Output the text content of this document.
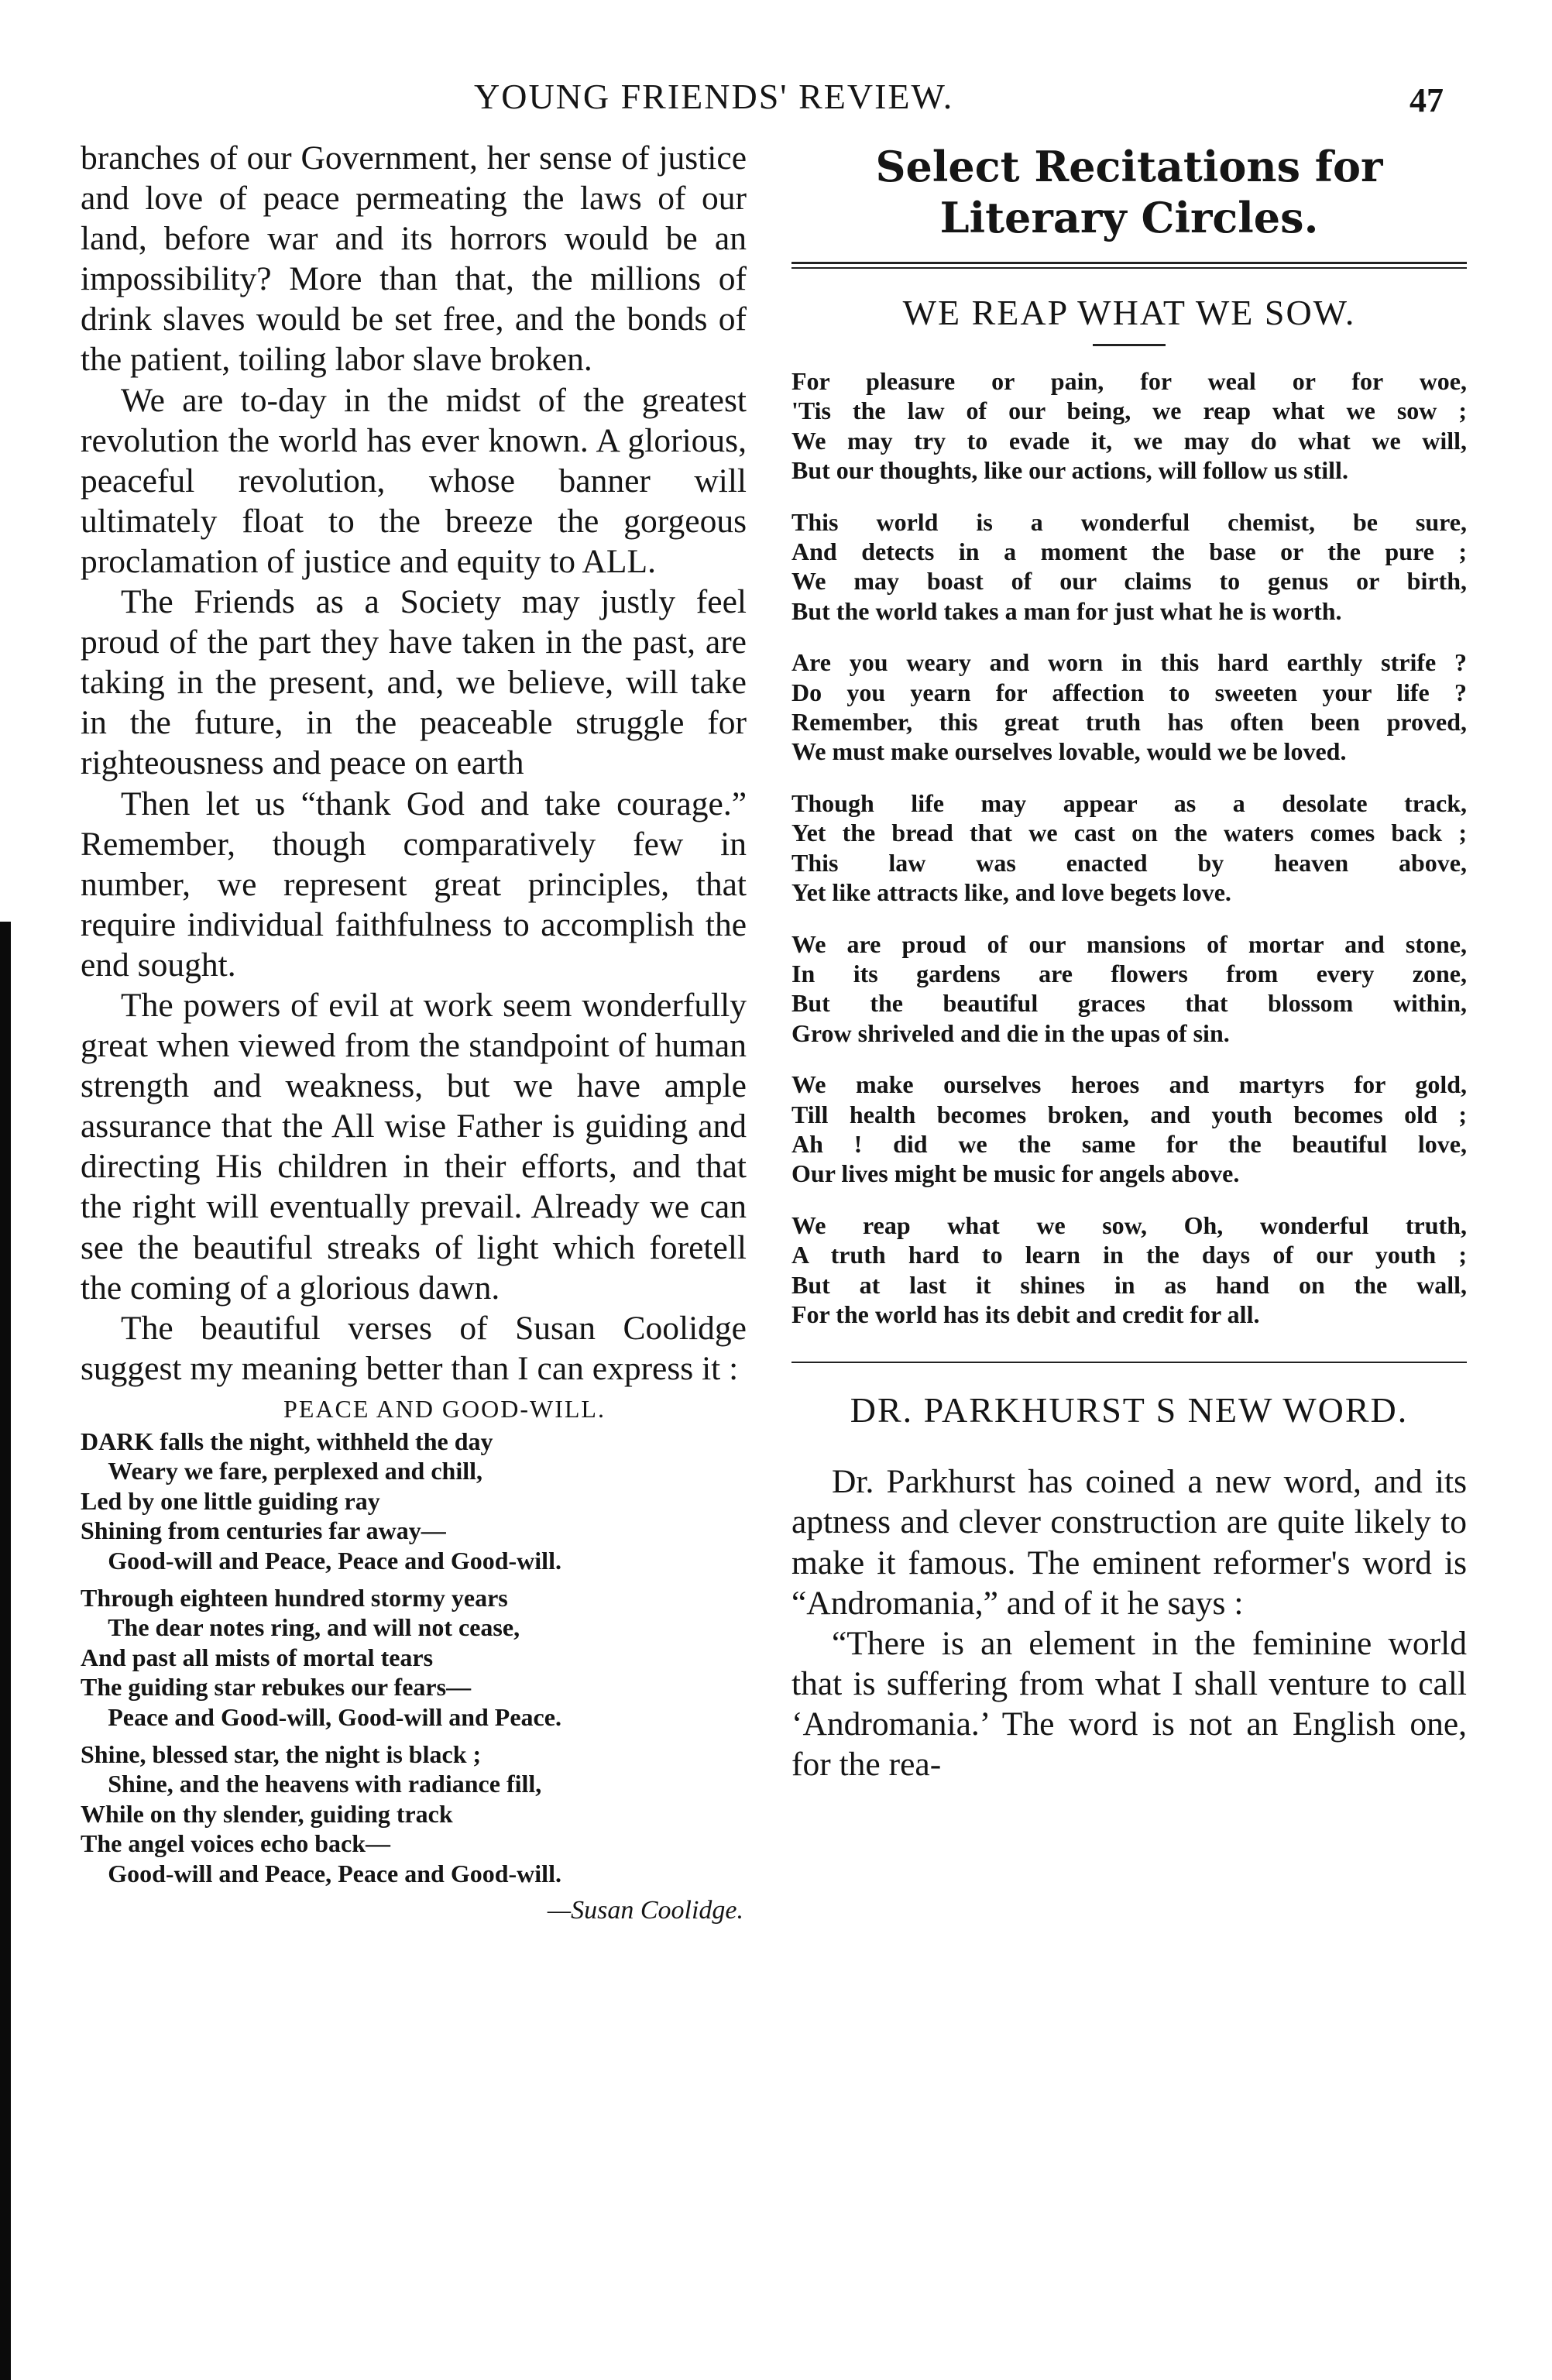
YOUNG FRIENDS' REVIEW.	47

branches of our Government, her sense of justice and love of peace permeating the laws of our land, before war and its horrors would be an impossibility? More than that, the millions of drink slaves would be set free, and the bonds of the patient, toiling labor slave broken.

We are to-day in the midst of the greatest revolution the world has ever known. A glorious, peaceful revolution, whose banner will ultimately float to the breeze the gorgeous proclamation of justice and equity to ALL.

The Friends as a Society may justly feel proud of the part they have taken in the past, are taking in the present, and, we believe, will take in the future, in the peaceable struggle for righteousness and peace on earth

Then let us “thank God and take courage.” Remember, though comparatively few in number, we represent great principles, that require individual faithfulness to accomplish the end sought.

The powers of evil at work seem wonderfully great when viewed from the standpoint of human strength and weakness, but we have ample assurance that the All wise Father is guiding and directing His children in their efforts, and that the right will eventually prevail. Already we can see the beautiful streaks of light which foretell the coming of a glorious dawn.

The beautiful verses of Susan Coolidge suggest my meaning better than I can express it :

PEACE AND GOOD-WILL.
DARK falls the night, withheld the day
Weary we fare, perplexed and chill,
Led by one little guiding ray
Shining from centuries far away—
Good-will and Peace, Peace and Good-will.
Through eighteen hundred stormy years
The dear notes ring, and will not cease,
And past all mists of mortal tears
The guiding star rebukes our fears—
Peace and Good-will, Good-will and Peace.
Shine, blessed star, the night is black ;
Shine, and the heavens with radiance fill,
While on thy slender, guiding track
The angel voices echo back—
Good-will and Peace, Peace and Good-will.
—Susan Coolidge.
Select Recitations for Literary Circles.
WE REAP WHAT WE SOW.
For pleasure or pain, for weal or for woe,
'Tis the law of our being, we reap what we sow ;
We may try to evade it, we may do what we will,
But our thoughts, like our actions, will follow us still.
This world is a wonderful chemist, be sure,
And detects in a moment the base or the pure ;
We may boast of our claims to genus or birth,
But the world takes a man for just what he is worth.
Are you weary and worn in this hard earthly strife ?
Do you yearn for affection to sweeten your life ?
Remember, this great truth has often been proved,
We must make ourselves lovable, would we be loved.
Though life may appear as a desolate track,
Yet the bread that we cast on the waters comes back ;
This law was enacted by heaven above,
Yet like attracts like, and love begets love.
We are proud of our mansions of mortar and stone,
In its gardens are flowers from every zone,
But the beautiful graces that blossom within,
Grow shriveled and die in the upas of sin.
We make ourselves heroes and martyrs for gold,
Till health becomes broken, and youth becomes old ;
Ah ! did we the same for the beautiful love,
Our lives might be music for angels above.
We reap what we sow, Oh, wonderful truth,
A truth hard to learn in the days of our youth ;
But at last it shines in as hand on the wall,
For the world has its debit and credit for all.
DR. PARKHURST S NEW WORD.

Dr. Parkhurst has coined a new word, and its aptness and clever construction are quite likely to make it famous. The eminent reformer's word is “Andromania,” and of it he says :

“There is an element in the feminine world that is suffering from what I shall venture to call ‘Andromania.’ The word is not an English one, for the rea-
